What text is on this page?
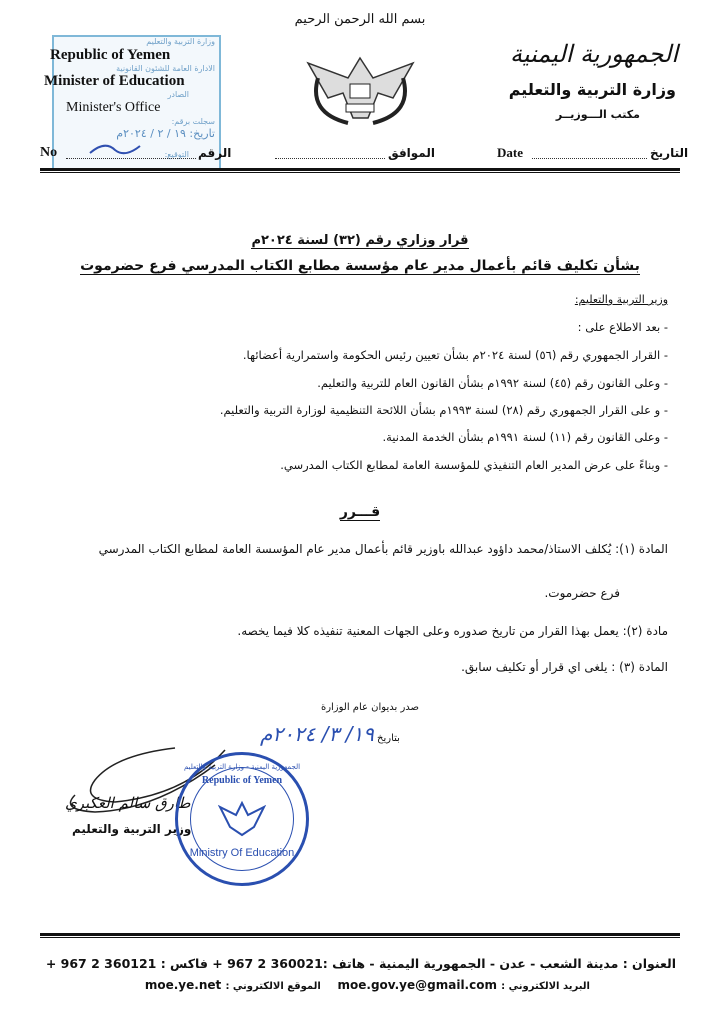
بسم الله الرحمن الرحيم
الجمهورية اليمنية
وزارة التربية والتعليم
مكتب الـــوزيــر
وزارة التربية والتعليم
الادارة العامة للشئون القانونية
الصادر
سجلت برقم:
تاريخ: ١٩ / ٢ / ٢٠٢٤م
التوقيع:
Republic of Yemen
Minister of Education
Minister's Office
No	الرقم	الموافق	Date	التاريخ
قرار وزاري رقم (٣٢) لسنة ٢٠٢٤م
بشأن تكليف قائم بأعمال مدير عام مؤسسة مطابع الكتاب المدرسي فرع حضرموت
وزير التربية والتعليم:
- بعد الاطلاع على :
- القرار الجمهوري رقم (٥٦) لسنة ٢٠٢٤م بشأن تعيين رئيس الحكومة واستمرارية أعضائها.
- وعلى القانون رقم (٤٥) لسنة ١٩٩٢م بشأن القانون العام للتربية والتعليم.
- و على القرار الجمهوري رقم (٢٨) لسنة ١٩٩٣م بشأن اللائحة التنظيمية لوزارة التربية والتعليم.
- وعلى القانون رقم (١١) لسنة ١٩٩١م بشأن الخدمة المدنية.
- وبناءً على عرض المدير العام التنفيذي للمؤسسة العامة لمطابع الكتاب المدرسي.
قـــرر
المادة (١): يُكلف الاستاذ/محمد داؤود عبدالله باوزير قائم بأعمال مدير عام المؤسسة العامة لمطابع الكتاب المدرسي
فرع حضرموت.
مادة (٢): يعمل بهذا القرار من تاريخ صدوره وعلى الجهات المعنية تنفيذه كلا فيما يخصه.
المادة (٣) : يلغى اي قرار أو تكليف سابق.
صدر بديوان عام الوزارة
بتاريخ ١٩/ ٣/ ٢٠٢٤م
طارق سالم العكبري
وزير التربية والتعليم
الجمهورية اليمنية - وزارة التربية والتعليم
Republic of Yemen
Ministry Of Education
العنوان : مدينة الشعب - عدن - الجمهورية اليمنية - هاتف :360021 2 967 + فاكس : 360121 2 967 +
البريد الالكتروني : moe.gov.ye@gmail.com    الموقع الالكتروني : moe.ye.net
